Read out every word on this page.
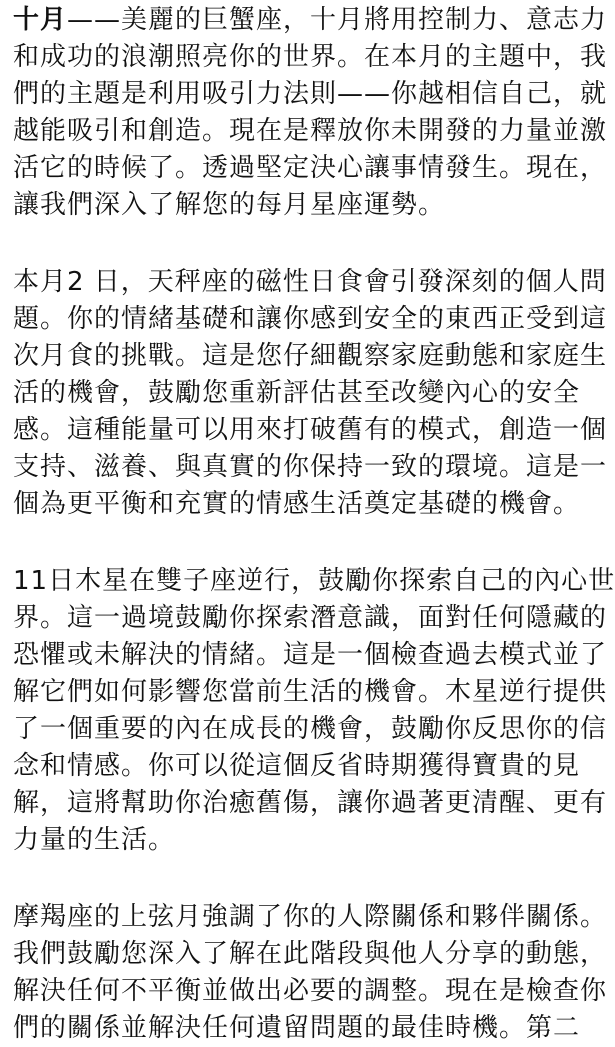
十月——美麗的巨蟹座，十月將用控制力、意志力
和成功的浪潮照亮你的世界。在本月的主題中，我
們的主題是利用吸引力法則——你越相信自己，就
越能吸引和創造。現在是釋放你未開發的力量並激
活它的時候了。透過堅定決心讓事情發生。現在，
讓我們深入了解您的每月星座運勢。
本月2 日，天秤座的磁性日食會引發深刻的個人問
題。你的情緒基礎和讓你感到安全的東西正受到這
次月食的挑戰。這是您仔細觀察家庭動態和家庭生
活的機會，鼓勵您重新評估甚至改變內心的安全
感。這種能量可以用來打破舊有的模式，創造一個
支持、滋養、與真實的你保持一致的環境。這是一
個為更平衡和充實的情感生活奠定基礎的機會。
11日木星在雙子座逆行，鼓勵你探索自己的內心世
界。這一過境鼓勵你探索潛意識，面對任何隱藏的
恐懼或未解決的情緒。這是一個檢查過去模式並了
解它們如何影響您當前生活的機會。木星逆行提供
了一個重要的內在成長的機會，鼓勵你反思你的信
念和情感。你可以從這個反省時期獲得寶貴的見
解，這將幫助你治癒舊傷，讓你過著更清醒、更有
力量的生活。
摩羯座的上弦月強調了你的人際關係和夥伴關係。
我們鼓勵您深入了解在此階段與他人分享的動態，
解決任何不平衡並做出必要的調整。現在是檢查你
們的關係並解決任何遺留問題的最佳時機。第二
